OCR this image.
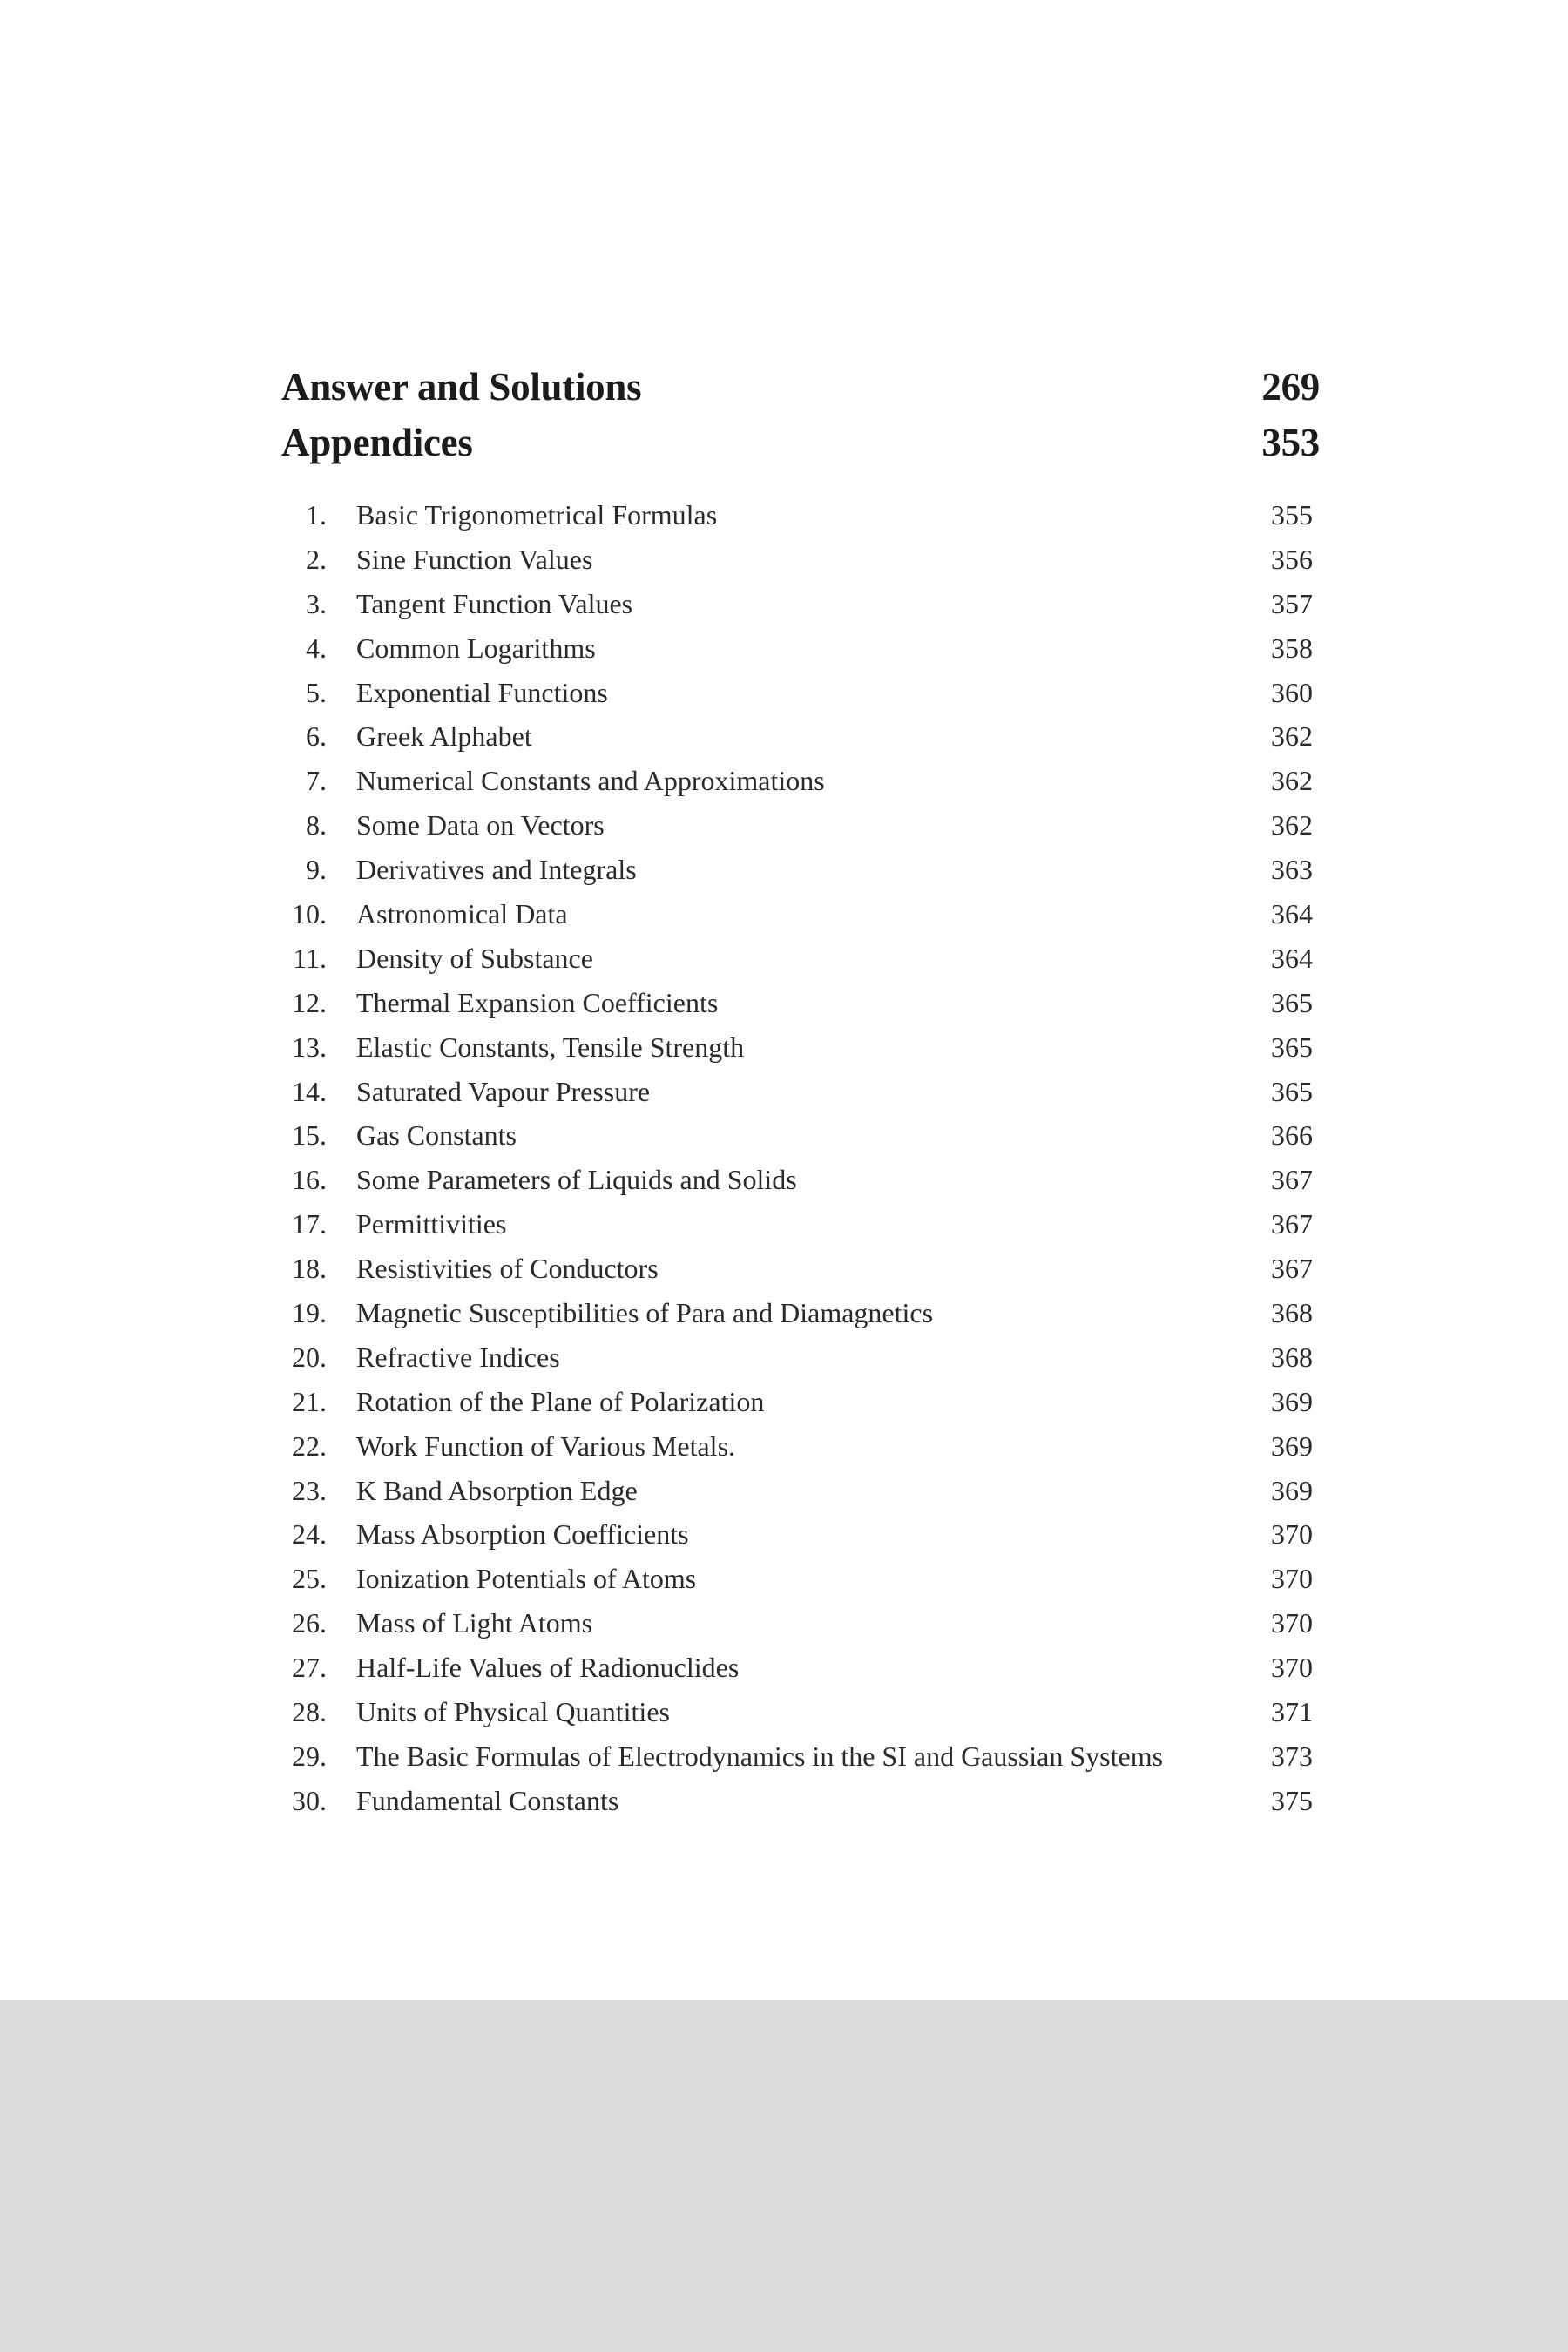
Answer and Solutions	269
Appendices	353
1. Basic Trigonometrical Formulas	355
2. Sine Function Values	356
3. Tangent Function Values	357
4. Common Logarithms	358
5. Exponential Functions	360
6. Greek Alphabet	362
7. Numerical Constants and Approximations	362
8. Some Data on Vectors	362
9. Derivatives and Integrals	363
10. Astronomical Data	364
11. Density of Substance	364
12. Thermal Expansion Coefficients	365
13. Elastic Constants, Tensile Strength	365
14. Saturated Vapour Pressure	365
15. Gas Constants	366
16. Some Parameters of Liquids and Solids	367
17. Permittivities	367
18. Resistivities of Conductors	367
19. Magnetic Susceptibilities of Para and Diamagnetics	368
20. Refractive Indices	368
21. Rotation of the Plane of Polarization	369
22. Work Function of Various Metals.	369
23. K Band Absorption Edge	369
24. Mass Absorption Coefficients	370
25. Ionization Potentials of Atoms	370
26. Mass of Light Atoms	370
27. Half-Life Values of Radionuclides	370
28. Units of Physical Quantities	371
29. The Basic Formulas of Electrodynamics in the SI and Gaussian Systems	373
30. Fundamental Constants	375
